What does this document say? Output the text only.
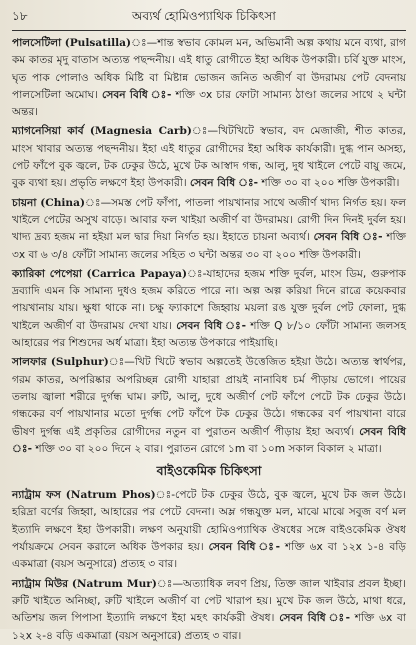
১৮	অব্যর্থ হোমিওপ্যাথিক চিকিৎসা

পালসেটিলা (Pulsatilla)ঃ—শান্ত স্বভাব কোমল মন, অভিমানী অল্প কথায় মনে ব্যথা, রাগ কম কাতর মৃদু বাতাস অত্যন্ত পছন্দনীয়। এই ধাতু রোগীতে ইহা অধিক উপকারী। চর্বি যুক্ত মাংস, ঘৃত পাক পোলাও অধিক মিষ্টি বা মিষ্টান্ন ভোজন জনিত অজীর্ণ বা উদরাময় পেট বেদনায় পালসেটিলা অমোঘ। সেবন বিধি ঃ- শক্তি ৩x চার ফোটা সামান্য ঠাণ্ডা জলের সাথে ২ ঘন্টা অন্তর।

ম্যাগনেসিয়া কার্ব (Magnesia Carb)ঃ—খিটখিটে স্বভাব, বদ মেজাজী, শীত কাতর, মাংস খাবার অত্যন্ত পছন্দনীয়। ইহা এই ধাতুর রোগীদের ইহা অধিক কার্যকারী। দুগ্ধ পান অসহ্য, পেট ফাঁপে বুক জ্বলে, টক ঢেকুর উঠে, মুখে টক আস্বাদ গন্ধ, আলু, দুধ খাইলে পেটে বায়ু জমে, বুক ব্যথা হয়। প্রভৃতি লক্ষণে ইহা উপকারী। সেবন বিধি ঃ- শক্তি ৩০ বা ২০০ শক্তি উপকারী।

চায়না (China)ঃ—সমস্ত পেট ফাঁপা, পাতলা পায়খানার সাথে অজীর্ণ খাদ্য নির্গত হয়। ফল খাইলে পেটের অসুখ বাড়ে। আবার ফল খাইয়া অজীর্ণ বা উদরাময়। রোগী দিন দিনই দুর্বল হয়। খাদ্য দ্রব্য হজম না হইয়া মল দ্বার দিয়া নির্গত হয়। ইহাতে চায়না অব্যর্থ। সেবন বিধি ঃ- শক্তি ৩x বা ৬ ৩/৪ ফোঁটা সামান্য জলের সহিত ৩ ঘন্টা অন্তর ৩০ বা ২০০ শক্তি উপকারী।

ক্যারিকা পেপেয়া (Carrica Papaya)ঃ-যাহাদের হজম শক্তি দুর্বল, মাংস ডিম, গুরুপাক দ্রব্যাদি এমন কি সামান্য দুধও হজম করিতে পারে না। অল্প অল্প করিয়া দিনে রাত্রে কয়েকবার পায়খানায় যায়। ক্ষুধা থাকে না। চক্ষু ফ্যাকাশে জিহ্বায় ময়লা রঙ যুক্ত দুর্বল পেট ফোলা, দুগ্ধ খাইলে অজীর্ণ বা উদরাময় দেখা যায়। সেবন বিধি ঃ- শক্তি Q ৮/১০ ফোঁটা সামান্য জলসহ আহারের পর শিশুদের অর্ধ মাত্রা। ইহা অত্যন্ত উপকারে পাইয়াছি।

সালফার (Sulphur)ঃ—খিট খিটে স্বভাব অল্পতেই উত্তেজিত হইয়া উঠে। অত্যন্ত স্বার্থপর, গরম কাতর, অপরিষ্কার অপরিচ্ছন্ন রোগী যাহারা প্রায়ই নানাবিধ চর্ম পীড়ায় ভোগে। পায়ের তলায় জ্বালা শরীরে দুর্গন্ধ ঘাম। রুটি, আলু, দুধে অজীর্ণ পেট ফাঁপে পেটে টক ঢেকুর উঠে। গন্ধকের বর্ণ পায়খানার মতো দুর্গন্ধ পেট ফাঁপে টক ঢেকুর উঠে। গন্ধকের বর্ণ পায়খানা বারে ভীষণ দুর্গন্ধ এই প্রকৃতির রোগীদের নতুন বা পুরাতন অজীর্ণ পীড়ায় ইহা অব্যর্থ। সেবন বিধি ঃ- শক্তি ৩০ বা ২০০ দিনে ২ বার। পুরাতন রোগে ১m বা ১০m সকাল বিকাল ২ মাত্রা।

বাইওকেমিক চিকিৎসা

ন্যাট্রাম ফস (Natrum Phos)ঃ-পেটে টক ঢেকুর উঠে, বুক জ্বলে, মুখে টক জল উঠে। হরিদ্রা বর্ণের জিহ্বা, আহারের পর পেটে বেদনা। অম্ল গন্ধযুক্ত মল, মাঝে মাঝে সবুজ বর্ণ মল ইত্যাদি লক্ষণে ইহা উপকারী। লক্ষণ অনুযায়ী হোমিওপ্যাথিক ঔষধের সঙ্গে বাইওকেমিক ঔষধ পর্যায়ক্রমে সেবন করালে অধিক উপকার হয়। সেবন বিধি ঃ- শক্তি ৬x বা ১২x ১-৪ বড়ি একমাত্রা (বয়স অনুসারে) প্রত্যহ ৩ বার।

ন্যাট্রাম মিউর (Natrum Mur)ঃ—অত্যাধিক লবণ প্রিয়, তিক্ত জাল খাইবার প্রবল ইচ্ছা। রুটি খাইতে অনিচ্ছা, রুটি খাইলে অজীর্ণ বা পেট খারাপ হয়। মুখে টক জল উঠে, মাথা ধরে, অতিশয় জল পিপাসা ইত্যাদি লক্ষণে ইহা মহৎ কার্যকরী ঔষধ। সেবন বিধি ঃ- শক্তি ৬x বা ১২x ২-৪ বড়ি একমাত্রা (বয়স অনুসারে) প্রত্যহ ৩ বার।
